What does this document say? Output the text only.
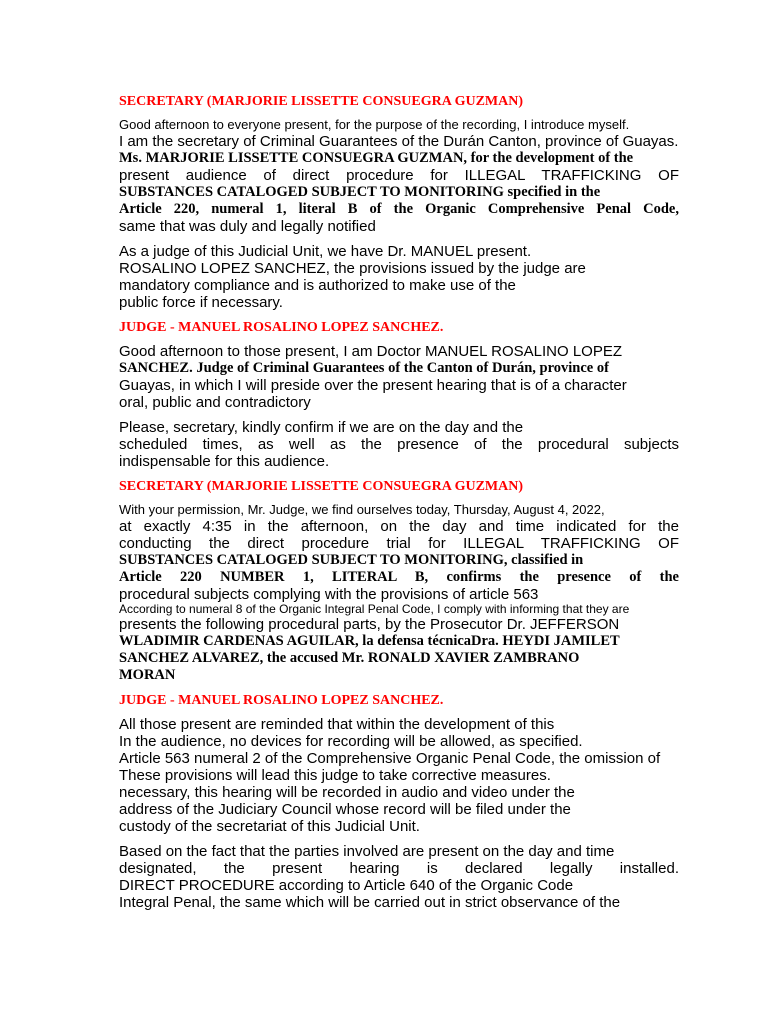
SECRETARY (MARJORIE LISSETTE CONSUEGRA GUZMAN)
Good afternoon to everyone present, for the purpose of the recording, I introduce myself.
I am the secretary of Criminal Guarantees of the Durán Canton, province of Guayas.
Ms. MARJORIE LISSETTE CONSUEGRA GUZMAN, for the development of the
present audience of direct procedure for ILLEGAL TRAFFICKING OF
SUBSTANCES CATALOGED SUBJECT TO MONITORING specified in the
Article 220, numeral 1, literal B of the Organic Comprehensive Penal Code,
same that was duly and legally notified
As a judge of this Judicial Unit, we have Dr. MANUEL present.
ROSALINO LOPEZ SANCHEZ, the provisions issued by the judge are
mandatory compliance and is authorized to make use of the
public force if necessary.
JUDGE - MANUEL ROSALINO LOPEZ SANCHEZ.
Good afternoon to those present, I am Doctor MANUEL ROSALINO LOPEZ
SANCHEZ. Judge of Criminal Guarantees of the Canton of Durán, province of
Guayas, in which I will preside over the present hearing that is of a character
oral, public and contradictory
Please, secretary, kindly confirm if we are on the day and the
scheduled times, as well as the presence of the procedural subjects
indispensable for this audience.
SECRETARY (MARJORIE LISSETTE CONSUEGRA GUZMAN)
With your permission, Mr. Judge, we find ourselves today, Thursday, August 4, 2022,
at exactly 4:35 in the afternoon, on the day and time indicated for the
conducting the direct procedure trial for ILLEGAL TRAFFICKING OF
SUBSTANCES CATALOGED SUBJECT TO MONITORING, classified in
Article 220 NUMBER 1, LITERAL B, confirms the presence of the
procedural subjects complying with the provisions of article 563
According to numeral 8 of the Organic Integral Penal Code, I comply with informing that they are
presents the following procedural parts, by the Prosecutor Dr. JEFFERSON
WLADIMIR CARDENAS AGUILAR, la defensa técnicaDra. HEYDI JAMILET
SANCHEZ ALVAREZ, the accused Mr. RONALD XAVIER ZAMBRANO
MORAN
JUDGE - MANUEL ROSALINO LOPEZ SANCHEZ.
All those present are reminded that within the development of this
In the audience, no devices for recording will be allowed, as specified.
Article 563 numeral 2 of the Comprehensive Organic Penal Code, the omission of
These provisions will lead this judge to take corrective measures.
necessary, this hearing will be recorded in audio and video under the
address of the Judiciary Council whose record will be filed under the
custody of the secretariat of this Judicial Unit.
Based on the fact that the parties involved are present on the day and time
designated, the present hearing is declared legally installed.
DIRECT PROCEDURE according to Article 640 of the Organic Code
Integral Penal, the same which will be carried out in strict observance of the
